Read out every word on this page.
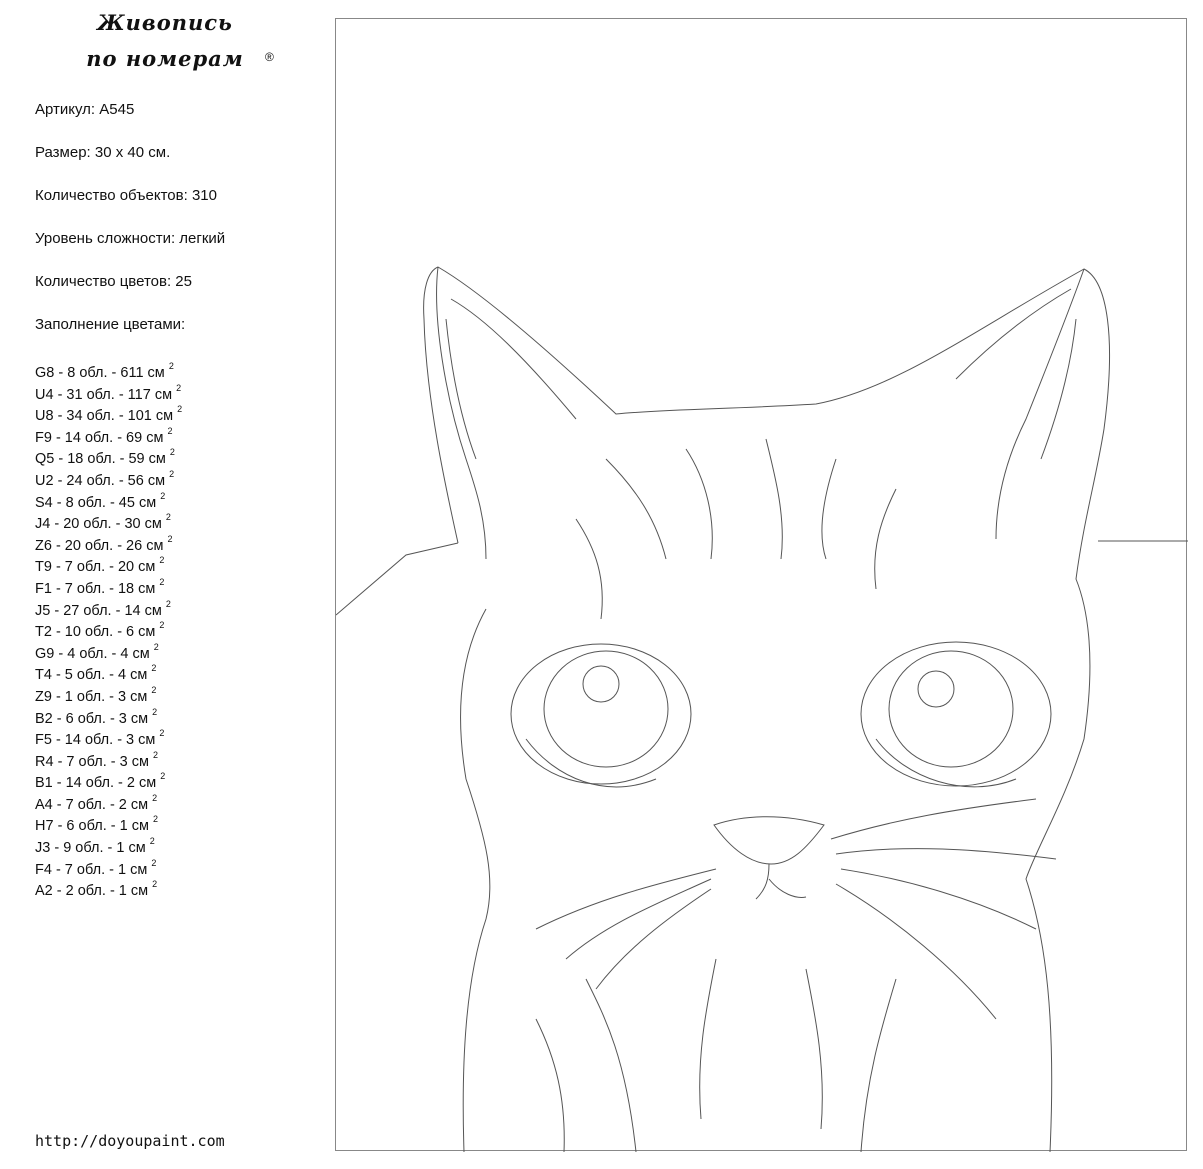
Живопись
по номерам	®
Артикул: A545
Размер: 30 х 40 см.
Количество объектов: 310
Уровень сложности: легкий
Количество цветов: 25
Заполнение цветами:
G8 - 8 обл. - 611 см $^2$
U4 - 31 обл. - 117 см $^2$
U8 - 34 обл. - 101 см $^2$
F9 - 14 обл. - 69 см $^2$
Q5 - 18 обл. - 59 см $^2$
U2 - 24 обл. - 56 см $^2$
S4 - 8 обл. - 45 см $^2$
J4 - 20 обл. - 30 см $^2$
Z6 - 20 обл. - 26 см $^2$
T9 - 7 обл. - 20 см $^2$
F1 - 7 обл. - 18 см $^2$
J5 - 27 обл. - 14 см $^2$
T2 - 10 обл. - 6 см $^2$
G9 - 4 обл. - 4 см $^2$
T4 - 5 обл. - 4 см $^2$
Z9 - 1 обл. - 3 см $^2$
B2 - 6 обл. - 3 см $^2$
F5 - 14 обл. - 3 см $^2$
R4 - 7 обл. - 3 см $^2$
B1 - 14 обл. - 2 см $^2$
A4 - 7 обл. - 2 см $^2$
H7 - 6 обл. - 1 см $^2$
J3 - 9 обл. - 1 см $^2$
F4 - 7 обл. - 1 см $^2$
A2 - 2 обл. - 1 см $^2$
http://doyoupaint.com
